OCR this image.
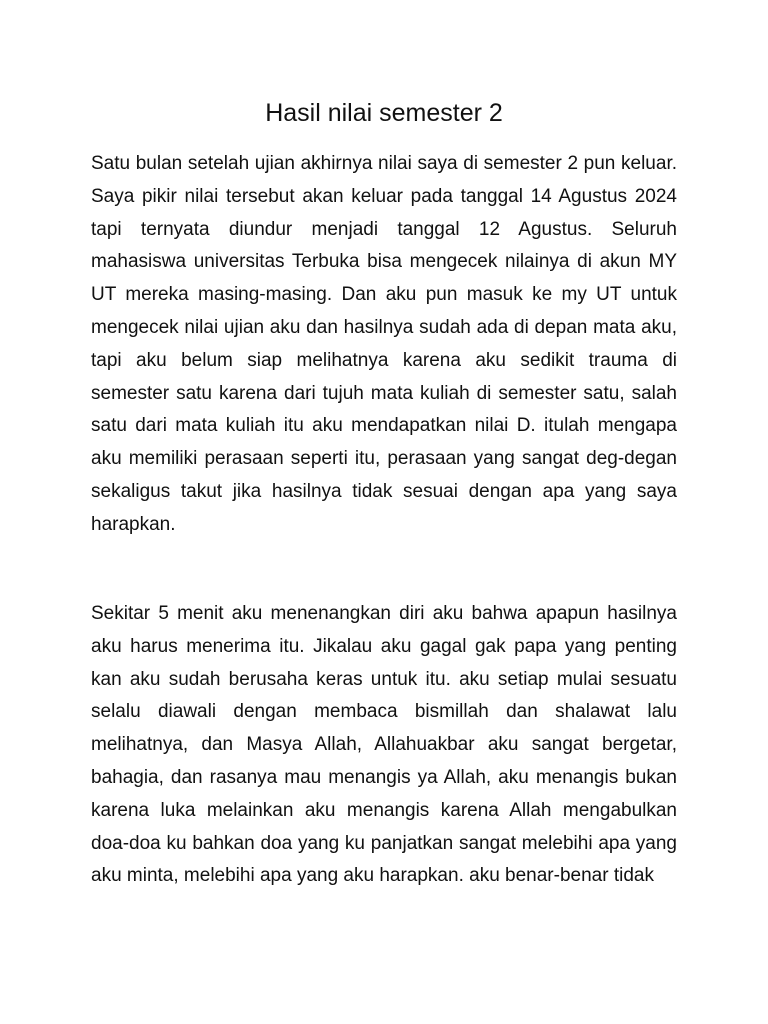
Hasil nilai semester 2

Satu bulan setelah ujian akhirnya nilai saya di semester 2 pun keluar. Saya pikir nilai tersebut akan keluar pada tanggal 14 Agustus 2024 tapi ternyata diundur menjadi tanggal 12 Agustus. Seluruh mahasiswa universitas Terbuka bisa mengecek nilainya di akun MY UT mereka masing-masing. Dan aku pun masuk ke my UT untuk mengecek nilai ujian aku dan hasilnya sudah ada di depan mata aku, tapi aku belum siap melihatnya karena aku sedikit trauma di semester satu karena dari tujuh mata kuliah di semester satu, salah satu dari mata kuliah itu aku mendapatkan nilai D. itulah mengapa aku memiliki perasaan seperti itu, perasaan yang sangat deg-degan sekaligus takut jika hasilnya tidak sesuai dengan apa yang saya harapkan.

Sekitar 5 menit aku menenangkan diri aku bahwa apapun hasilnya aku harus menerima itu. Jikalau aku gagal gak papa yang penting kan aku sudah berusaha keras untuk itu. aku setiap mulai sesuatu selalu diawali dengan membaca bismillah dan shalawat lalu melihatnya, dan Masya Allah, Allahuakbar aku sangat bergetar, bahagia, dan rasanya mau menangis ya Allah, aku menangis bukan karena luka melainkan aku menangis karena Allah mengabulkan doa-doa ku bahkan doa yang ku panjatkan sangat melebihi apa yang aku minta, melebihi apa yang aku harapkan. aku benar-benar tidak
